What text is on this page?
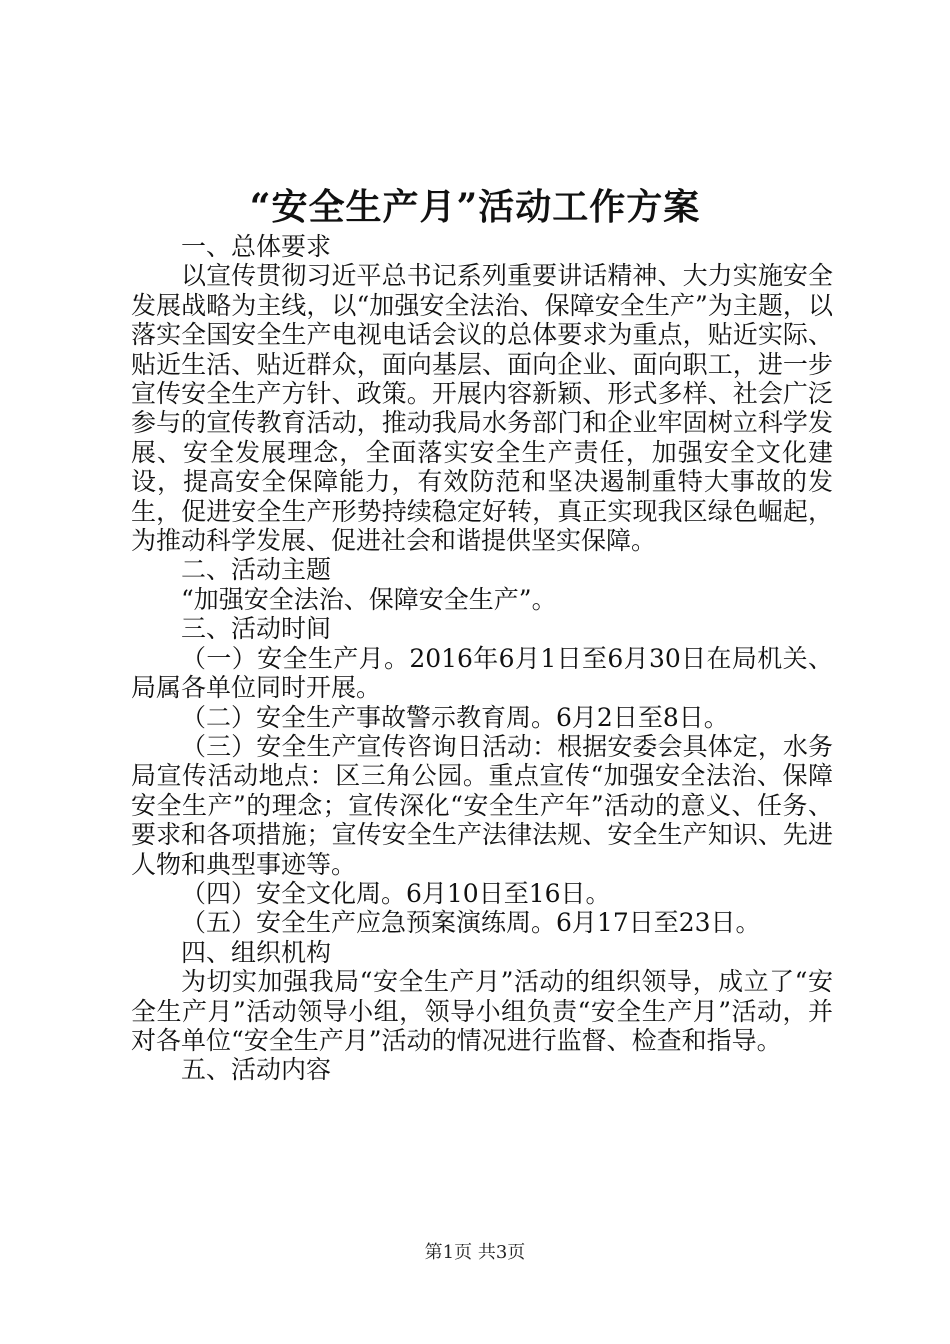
“安全生产月”活动工作方案

一、总体要求

以宣传贯彻习近平总书记系列重要讲话精神、大力实施安全发展战略为主线，以“加强安全法治、保障安全生产”为主题，以落实全国安全生产电视电话会议的总体要求为重点，贴近实际、贴近生活、贴近群众，面向基层、面向企业、面向职工，进一步宣传安全生产方针、政策。开展内容新颖、形式多样、社会广泛参与的宣传教育活动，推动我局水务部门和企业牢固树立科学发展、安全发展理念，全面落实安全生产责任，加强安全文化建设，提高安全保障能力，有效防范和坚决遏制重特大事故的发生，促进安全生产形势持续稳定好转，真正实现我区绿色崛起，为推动科学发展、促进社会和谐提供坚实保障。

二、活动主题

“加强安全法治、保障安全生产”。

三、活动时间

（一）安全生产月。2016年6月1日至6月30日在局机关、局属各单位同时开展。

（二）安全生产事故警示教育周。6月2日至8日。

（三）安全生产宣传咨询日活动：根据安委会具体定，水务局宣传活动地点：区三角公园。重点宣传“加强安全法治、保障安全生产”的理念；宣传深化“安全生产年”活动的意义、任务、要求和各项措施；宣传安全生产法律法规、安全生产知识、先进人物和典型事迹等。

（四）安全文化周。6月10日至16日。

（五）安全生产应急预案演练周。6月17日至23日。

四、组织机构

为切实加强我局“安全生产月”活动的组织领导，成立了“安全生产月”活动领导小组，领导小组负责“安全生产月”活动，并对各单位“安全生产月”活动的情况进行监督、检查和指导。

五、活动内容

第1页 共3页
